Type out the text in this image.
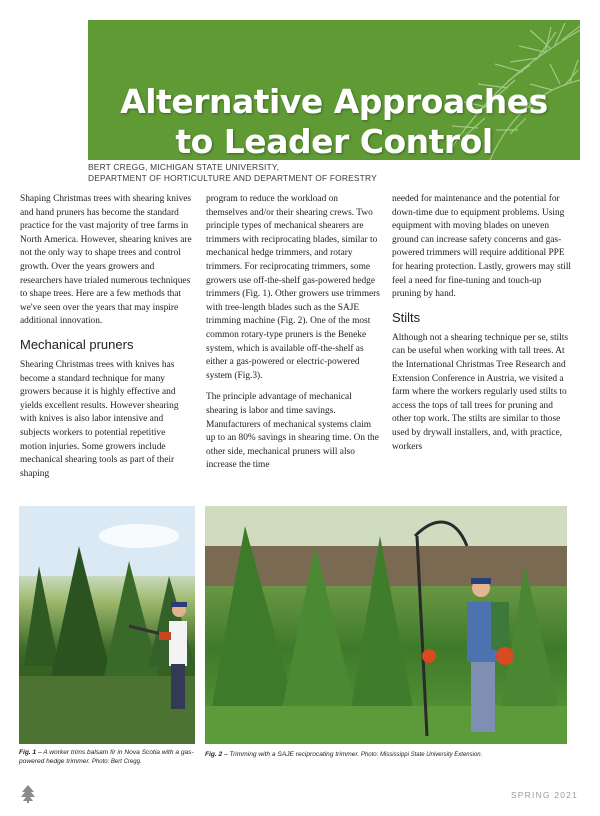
Alternative Approaches
to Leader Control
BERT CREGG, MICHIGAN STATE UNIVERSITY,
DEPARTMENT OF HORTICULTURE AND DEPARTMENT OF FORESTRY

Shaping Christmas trees with shearing knives and hand pruners has become the standard practice for the vast majority of tree farms in North America. However, shearing knives are not the only way to shape trees and control growth. Over the years growers and researchers have trialed numerous techniques to shape trees. Here are a few methods that we've seen over the years that may inspire additional innovation.

Mechanical pruners

Shearing Christmas trees with knives has become a standard technique for many growers because it is highly effective and yields excellent results. However shearing with knives is also labor intensive and subjects workers to potential repetitive motion injuries. Some growers include mechanical shearing tools as part of their shaping

program to reduce the workload on themselves and/or their shearing crews. Two principle types of mechanical shearers are trimmers with reciprocating blades, similar to mechanical hedge trimmers, and rotary trimmers. For reciprocating trimmers, some growers use off-the-shelf gas-powered hedge trimmers (Fig. 1). Other growers use trimmers with tree-length blades such as the SAJE trimming machine (Fig. 2). One of the most common rotary-type pruners is the Beneke system, which is available off-the-shelf as either a gas-powered or electric-powered system (Fig.3).

The principle advantage of mechanical shearing is labor and time savings. Manufacturers of mechanical systems claim up to an 80% savings in shearing time. On the other side, mechanical pruners will also increase the time

needed for maintenance and the potential for down-time due to equipment problems. Using equipment with moving blades on uneven ground can increase safety concerns and gas-powered trimmers will require additional PPE for hearing protection. Lastly, growers may still feel a need for fine-tuning and touch-up pruning by hand.

Stilts

Although not a shearing technique per se, stilts can be useful when working with tall trees. At the International Christmas Tree Research and Extension Conference in Austria, we visited a farm where the workers regularly used stilts to access the tops of tall trees for pruning and other top work. The stilts are similar to those used by drywall installers, and, with practice, workers

Fig. 1 – A worker trims balsam fir in Nova Scotia with a gas-powered hedge trimmer. Photo: Bert Cregg.
Fig. 2 – Trimming with a SAJE reciprocating trimmer. Photo: Mississippi State University Extension.
SPRING 2021
